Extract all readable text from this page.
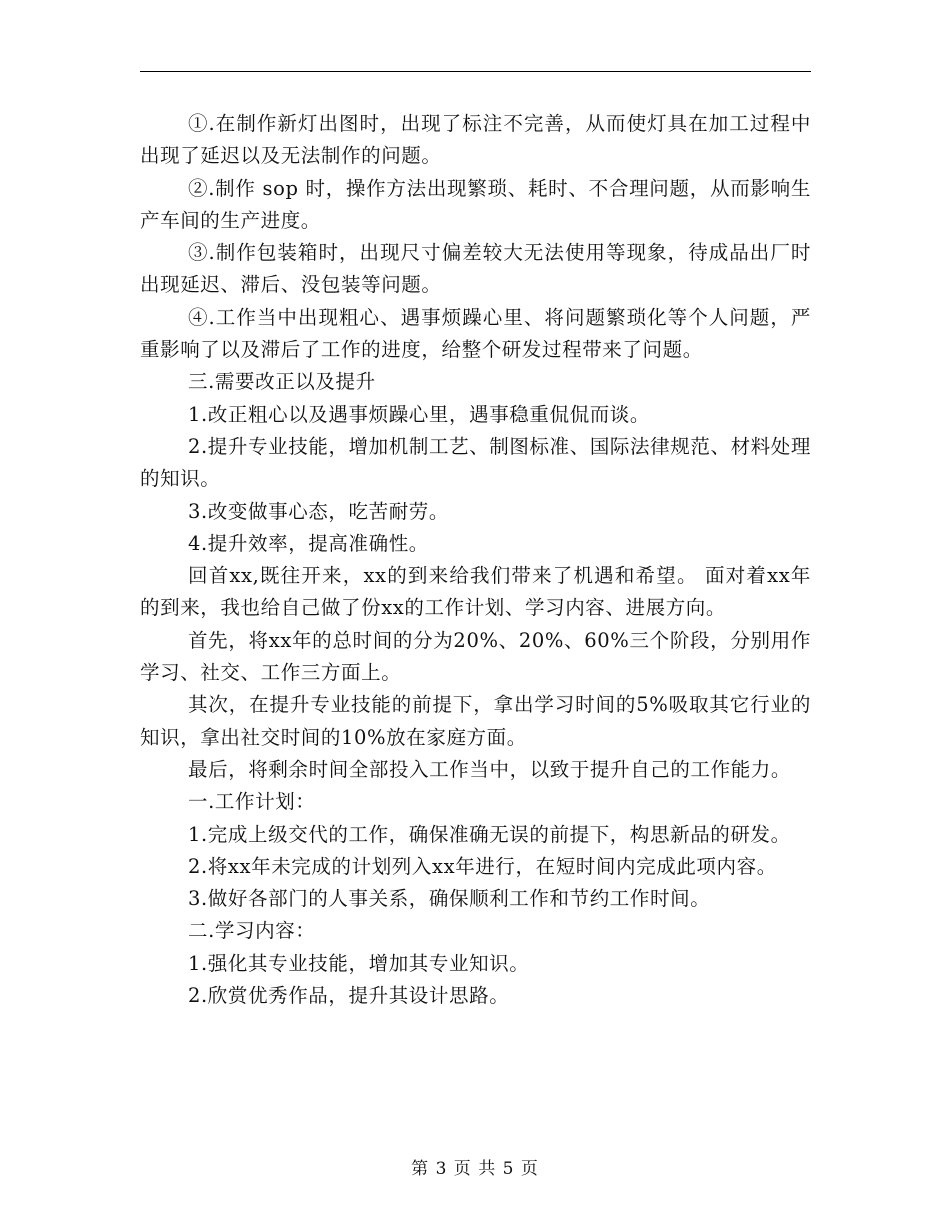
①.在制作新灯出图时，出现了标注不完善，从而使灯具在加工过程中出现了延迟以及无法制作的问题。

②.制作 sop 时，操作方法出现繁琐、耗时、不合理问题，从而影响生产车间的生产进度。

③.制作包装箱时，出现尺寸偏差较大无法使用等现象，待成品出厂时出现延迟、滞后、没包装等问题。

④.工作当中出现粗心、遇事烦躁心里、将问题繁琐化等个人问题，严重影响了以及滞后了工作的进度，给整个研发过程带来了问题。

三.需要改正以及提升

1.改正粗心以及遇事烦躁心里，遇事稳重侃侃而谈。

2.提升专业技能，增加机制工艺、制图标准、国际法律规范、材料处理的知识。

3.改变做事心态，吃苦耐劳。

4.提升效率，提高准确性。

回首xx,既往开来，xx的到来给我们带来了机遇和希望。 面对着xx年的到来，我也给自己做了份xx的工作计划、学习内容、进展方向。

首先，将xx年的总时间的分为20%、20%、60%三个阶段，分别用作学习、社交、工作三方面上。

其次，在提升专业技能的前提下，拿出学习时间的5%吸取其它行业的知识，拿出社交时间的10%放在家庭方面。

最后，将剩余时间全部投入工作当中，以致于提升自己的工作能力。

一.工作计划：

1.完成上级交代的工作，确保准确无误的前提下，构思新品的研发。

2.将xx年未完成的计划列入xx年进行，在短时间内完成此项内容。

3.做好各部门的人事关系，确保顺利工作和节约工作时间。

二.学习内容：

1.强化其专业技能，增加其专业知识。

2.欣赏优秀作品，提升其设计思路。

第 3 页 共 5 页
